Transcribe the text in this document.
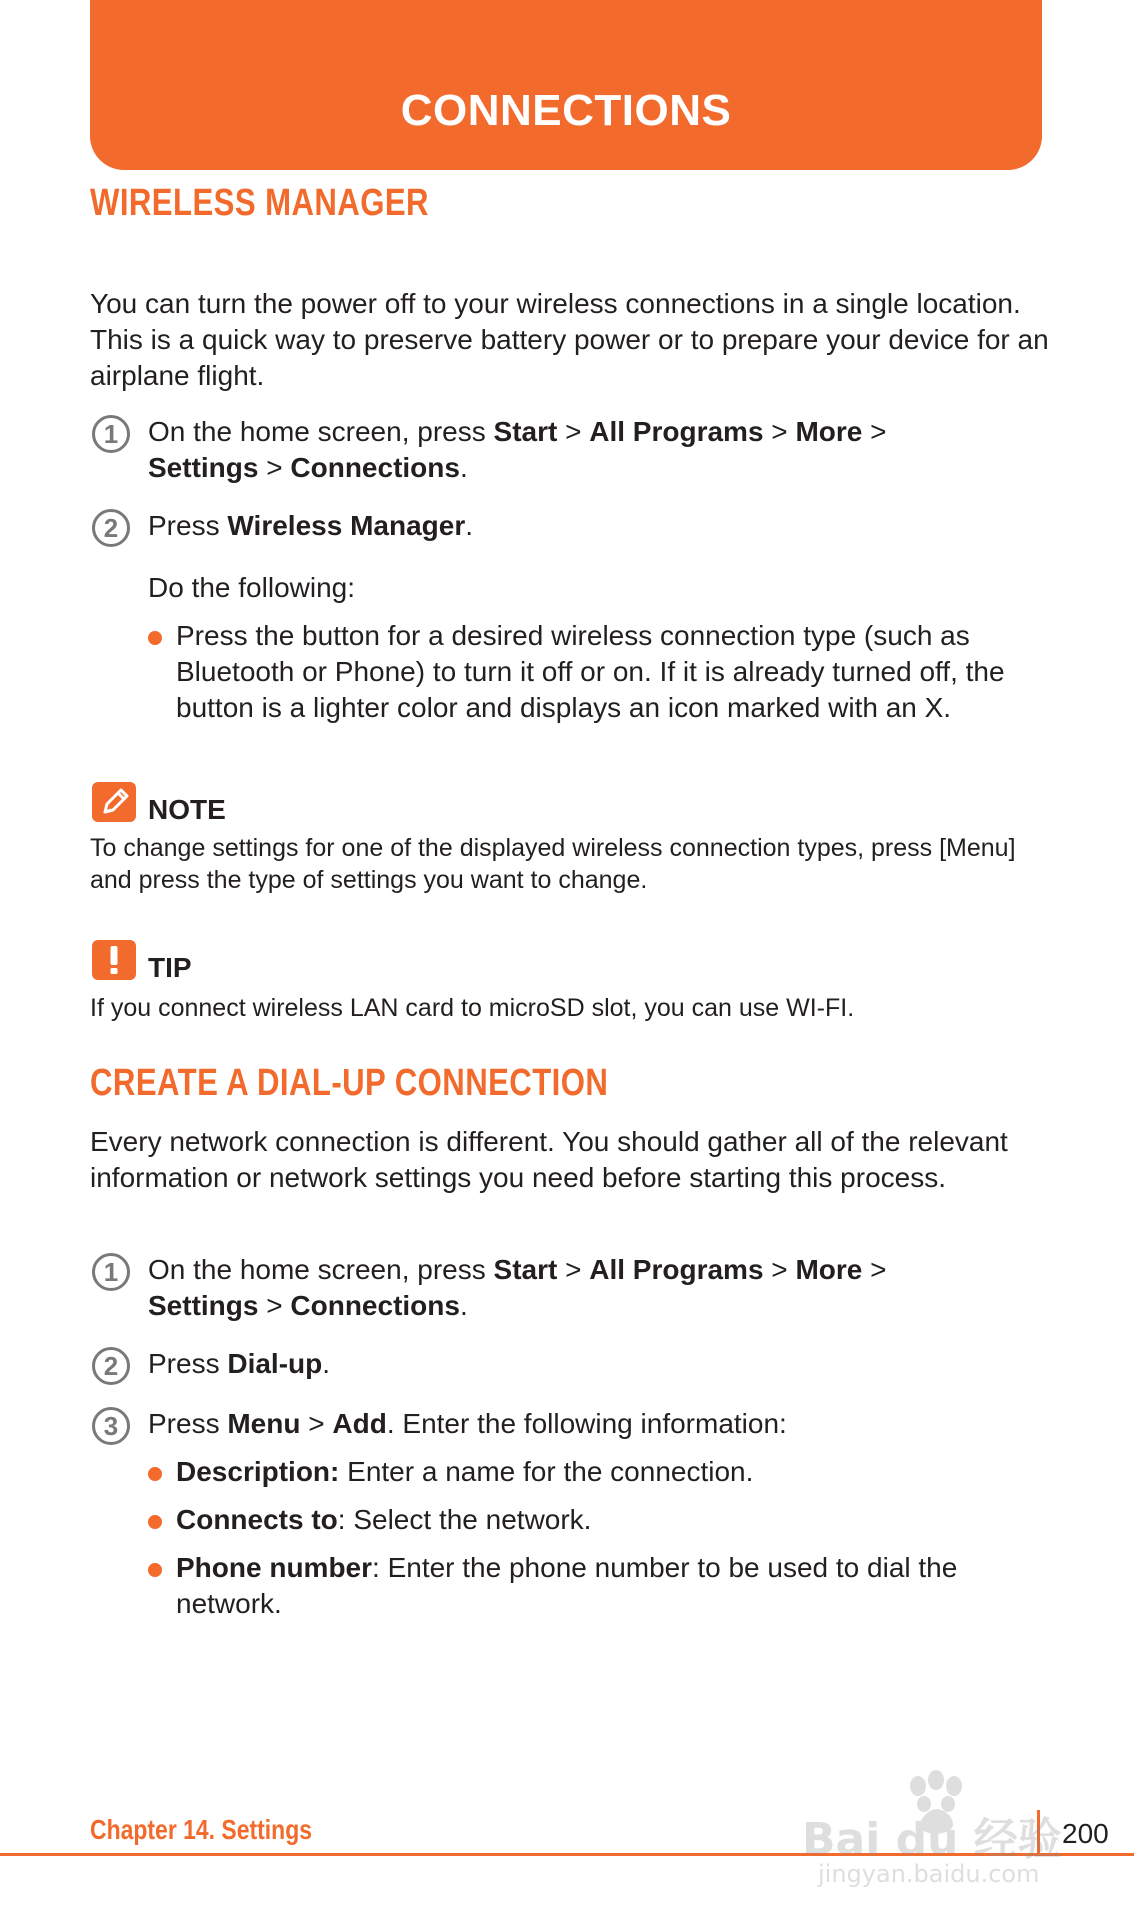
CONNECTIONS
WIRELESS MANAGER
You can turn the power off to your wireless connections in a single location. This is a quick way to preserve battery power or to prepare your device for an airplane flight.
1	On the home screen, press Start > All Programs > More >
Settings > Connections.
2	Press Wireless Manager.
Do the following:
Press the button for a desired wireless connection type (such as Bluetooth or Phone) to turn it off or on. If it is already turned off, the button is a lighter color and displays an icon marked with an X.
NOTE
To change settings for one of the displayed wireless connection types, press [Menu] and press the type of settings you want to change.
TIP
If you connect wireless LAN card to microSD slot, you can use WI-FI.
CREATE A DIAL-UP CONNECTION
Every network connection is different. You should gather all of the relevant information or network settings you need before starting this process.
1	On the home screen, press Start > All Programs > More >
Settings > Connections.
2	Press Dial-up.
3	Press Menu > Add. Enter the following information:
Description: Enter a name for the connection.
Connects to: Select the network.
Phone number: Enter the phone number to be used to dial the network.
Chapter 14. Settings	200
Bai du 经验
jingyan.baidu.com
